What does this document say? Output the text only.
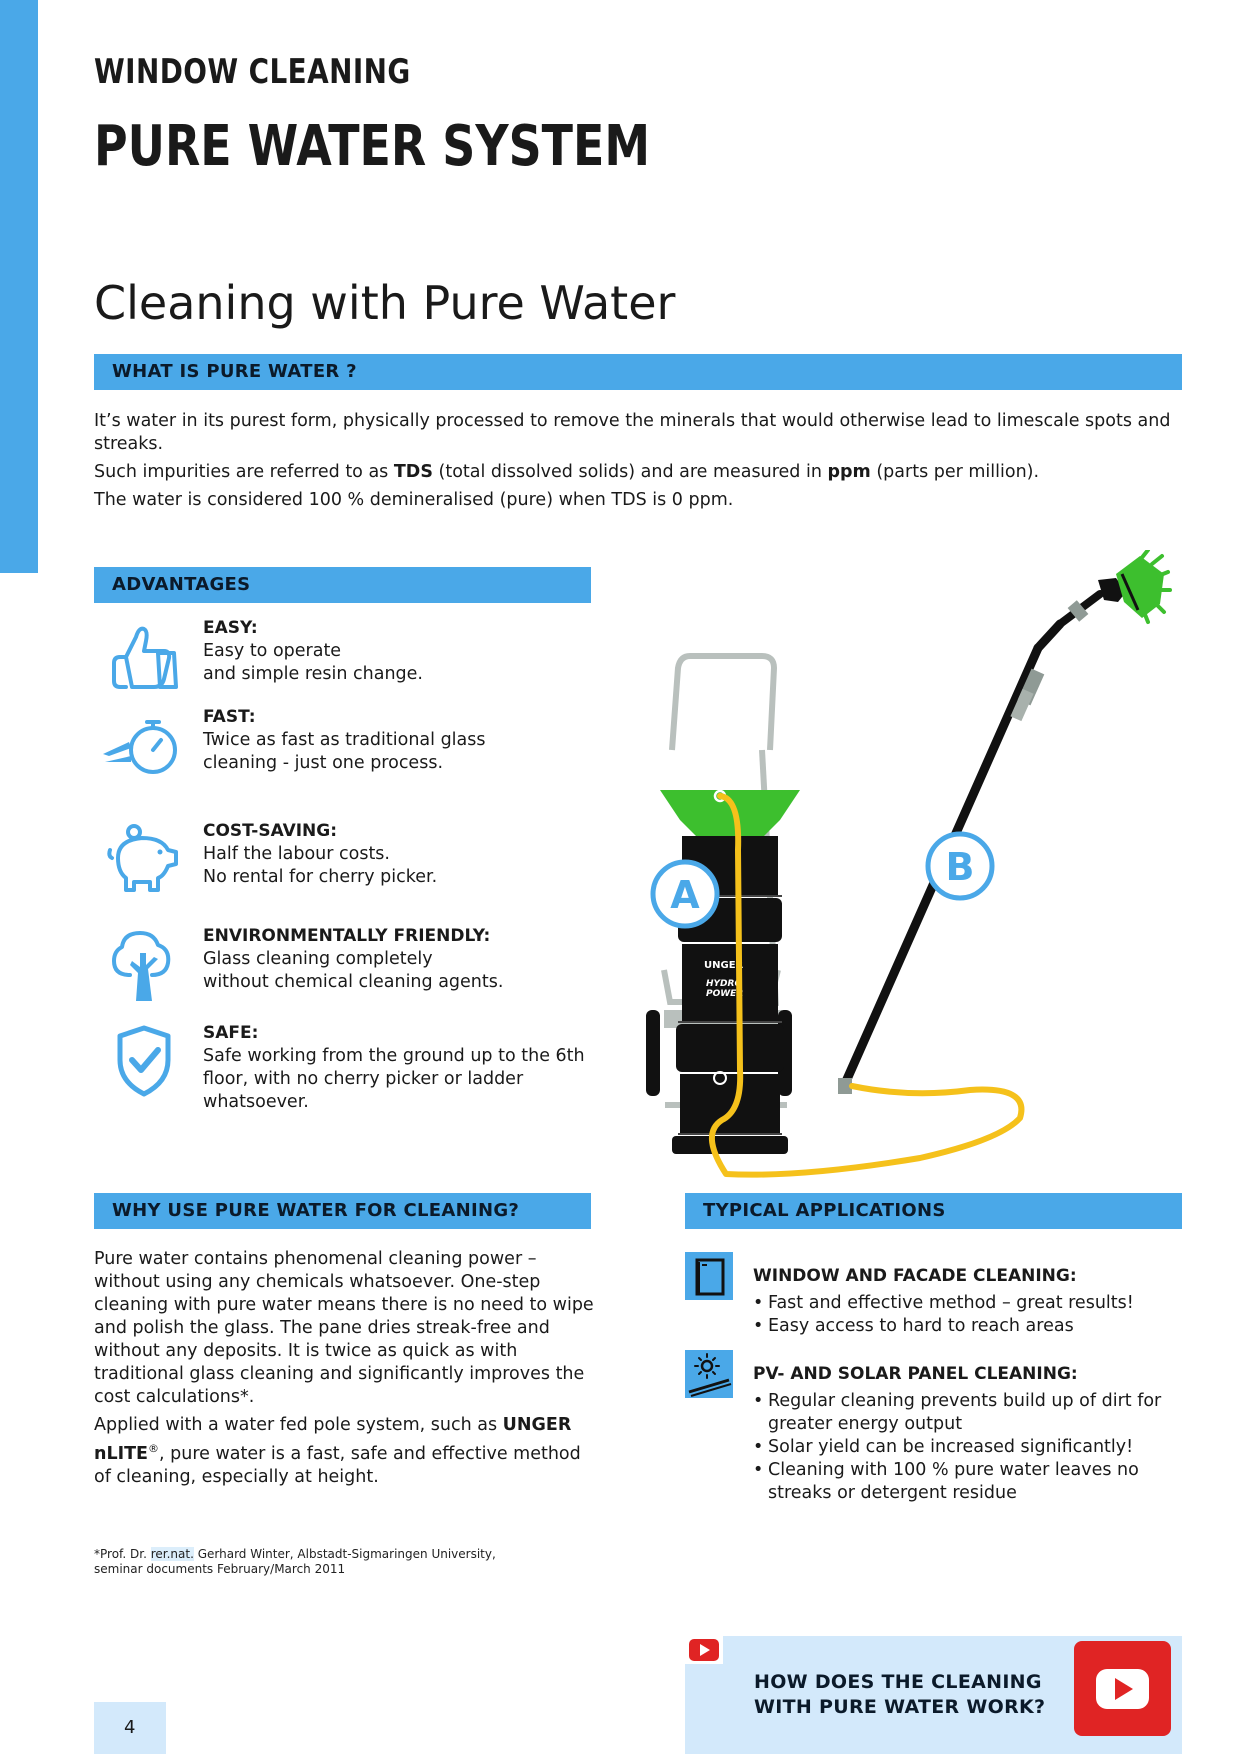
WINDOW CLEANING
PURE WATER SYSTEM
Cleaning with Pure Water
WHAT IS PURE WATER ?

It’s water in its purest form, physically processed to remove the minerals that would otherwise lead to limescale spots and streaks.

Such impurities are referred to as TDS (total dissolved solids) and are measured in ppm (parts per million).

The water is considered 100 % demineralised (pure) when TDS is 0 ppm.

ADVANTAGES
EASY:
Easy to operate
and simple resin change.
FAST:
Twice as fast as traditional glass
cleaning - just one process.
COST-SAVING:
Half the labour costs.
No rental for cherry picker.
ENVIRONMENTALLY FRIENDLY:
Glass cleaning completely
without chemical cleaning agents.
SAFE:
Safe working from the ground up to the 6th
floor, with no cherry picker or ladder
whatsoever.
UNGER
HYDRO
POWER
A
B
WHY USE PURE WATER FOR CLEANING?

Pure water contains phenomenal cleaning power – without using any chemicals whatsoever. One-step cleaning with pure water means there is no need to wipe and polish the glass. The pane dries streak-free and without any deposits. It is twice as quick as with traditional glass cleaning and significantly improves the cost calculations*.

Applied with a water fed pole system, such as UNGER nLITE®, pure water is a fast, safe and effective method of cleaning, especially at height.

TYPICAL APPLICATIONS
WINDOW AND FACADE CLEANING:
• Fast and effective method – great results!
• Easy access to hard to reach areas
PV- AND SOLAR PANEL CLEANING:
• Regular cleaning prevents build up of dirt for greater energy output
• Solar yield can be increased significantly!
• Cleaning with 100 % pure water leaves no streaks or detergent residue
*Prof. Dr. rer.nat. Gerhard Winter, Albstadt-Sigmaringen University,
seminar documents February/March 2011
HOW DOES THE CLEANING
WITH PURE WATER WORK?
4
